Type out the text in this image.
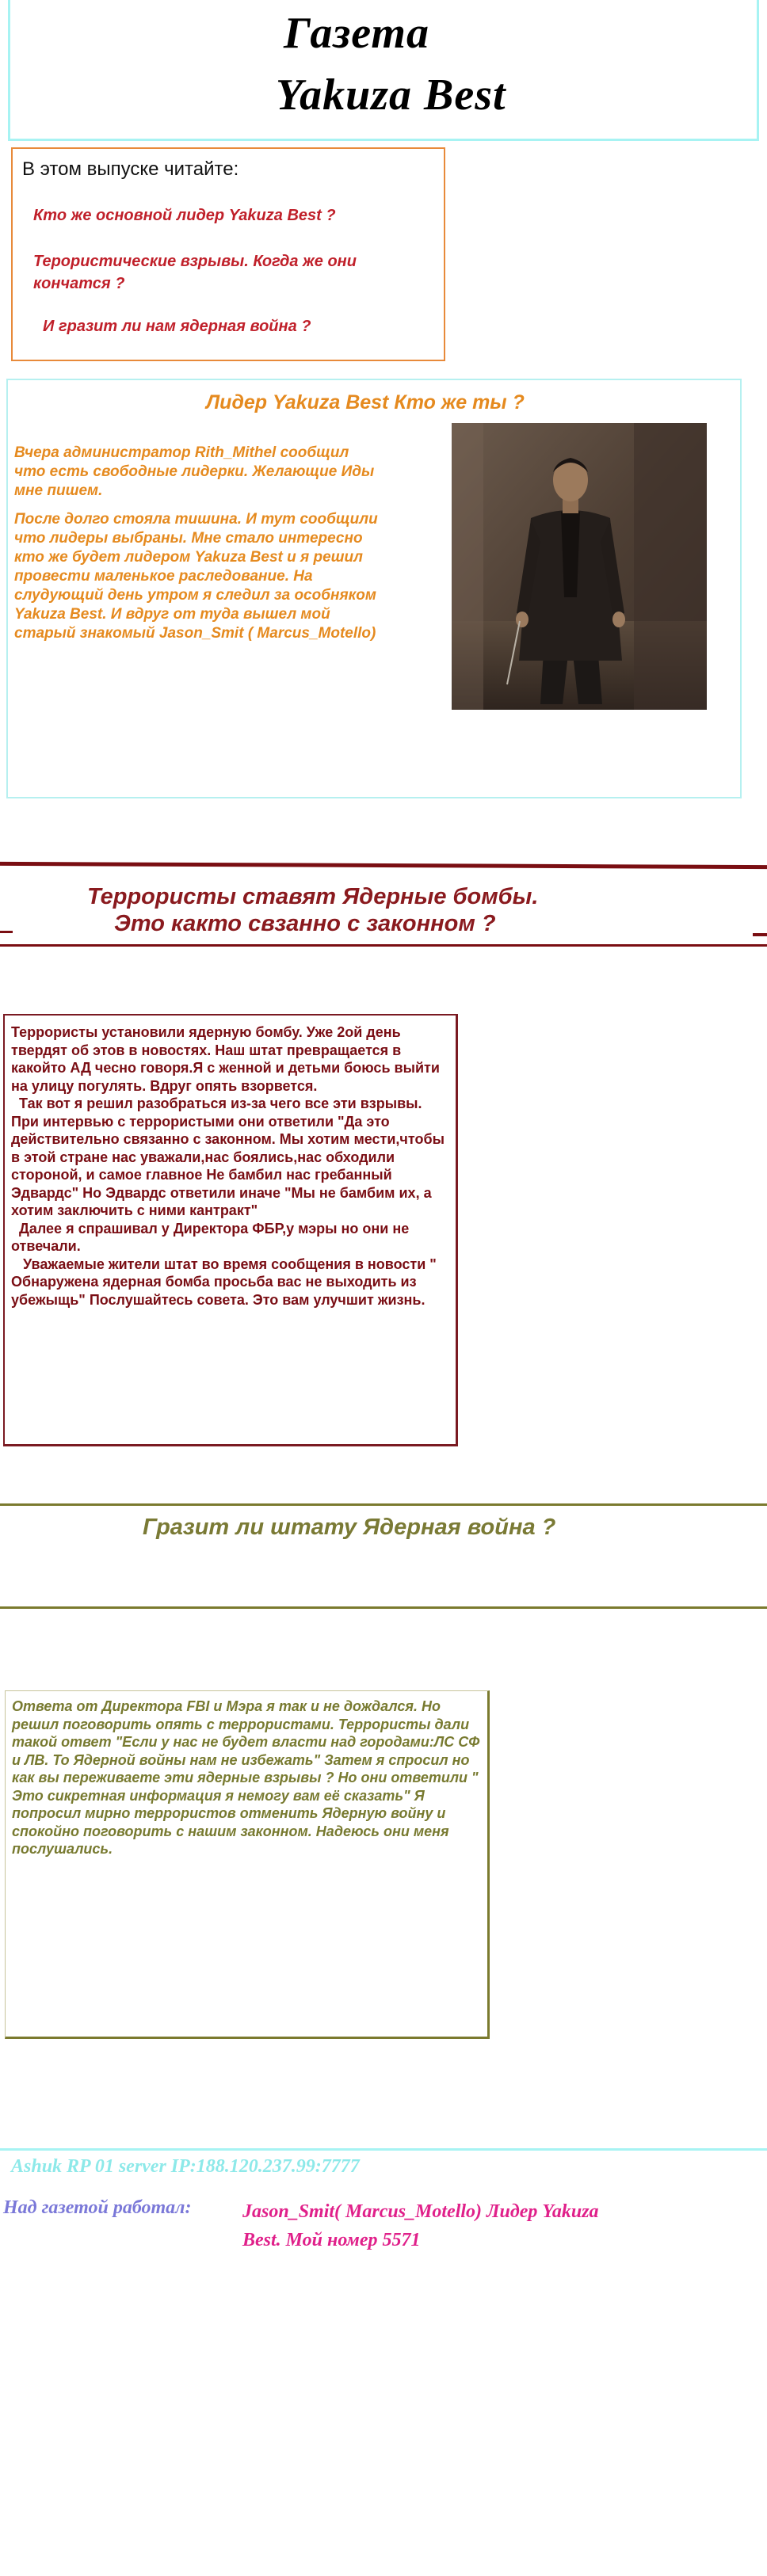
Газета
Yakuza Best
В этом выпуске читайте:
Кто же основной лидер Yakuza Best ?
Терористические взрывы. Когда же они кончатся ?
И гразит ли нам ядерная война ?
Лидер Yakuza Best Кто же ты ?

Вчера администратор Rith_Mithel сообщил что есть свободные лидерки. Желающие Иды мне пишем.

После долго стояла тишина. И тут сообщили что лидеры выбраны. Мне стало интересно кто же будет лидером Yakuza Best и я решил провести маленькое раследование. На слудующий день утром я следил за особняком Yakuza Best. И вдруг от туда вышел мой старый знакомый Jason_Smit ( Marcus_Motello)

Террористы ставят Ядерные бомбы.
Это както свзанно с законном ?
Террористы установили ядерную бомбу. Уже 2ой день твердят об этов в новостях. Наш штат превращается в какойто АД чесно говоря.Я с женной и детьми боюсь выйти на улицу погулять. Вдруг опять взорвется.
Так вот я решил разобраться из-за чего все эти взрывы. При интервью с террористыми они ответили "Да это действительно связанно с законном. Мы хотим мести,чтобы в этой стране нас уважали,нас боялись,нас обходили стороной, и самое главное Не бамбил нас гребанный Эдвардс" Но Эдвардс ответили иначе "Мы не бамбим их, а хотим заключить с ними кантракт"
Далее я спрашивал у Директора ФБР,у мэры но они не отвечали.
Уважаемые жители штат во время сообщения в новости " Обнаружена ядерная бомба просьба вас не выходить из убежыщь" Послушайтесь совета. Это вам улучшит жизнь.
Гразит ли штату Ядерная война ?
Ответа от Директора FBI и Мэра я так и не дождался. Но решил поговорить опять с террористами. Террористы дали такой ответ "Если у нас не будет власти над городами:ЛС СФ и ЛВ. То Ядерной войны нам не избежать" Затем я спросил но как вы переживаете эти ядерные взрывы ? Но они ответили " Это сикретная информация я немогу вам её сказать" Я попросил мирно террористов отменить Ядерную войну и спокойно поговорить с нашим законном. Надеюсь они меня послушались.
Ashuk RP 01 server IP:188.120.237.99:7777
Над газетой работал:	Jason_Smit( Marcus_Motello) Лидер Yakuza Best. Мой номер 5571
